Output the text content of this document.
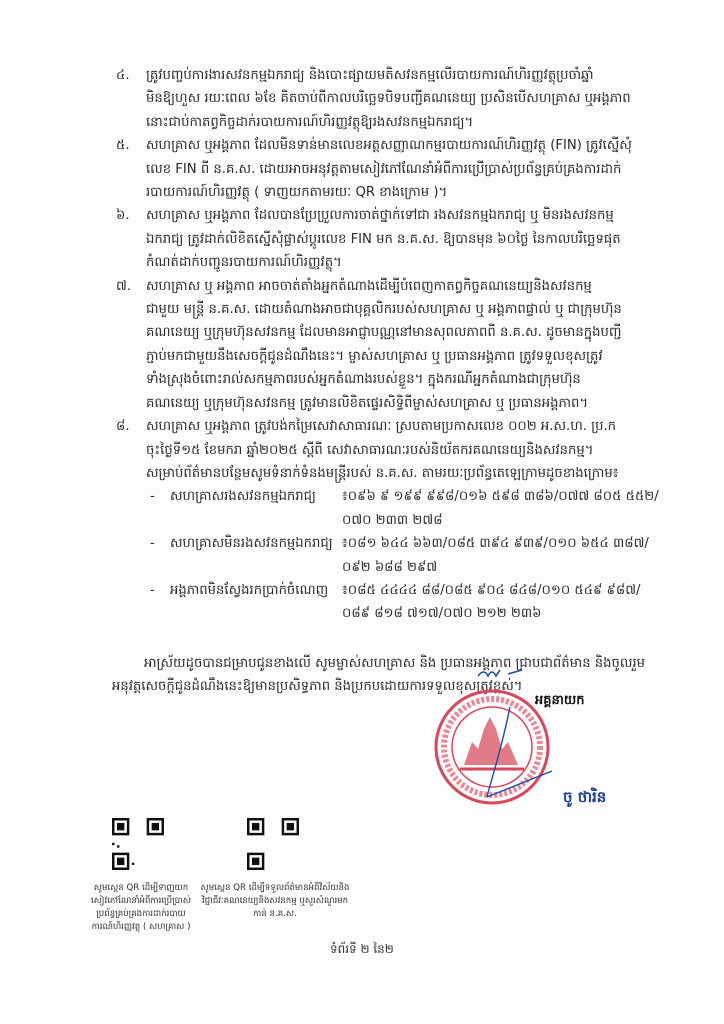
៤. ត្រូវបញ្ចប់ការងារសវនកម្មឯករាជ្យ និងបោះផ្សាយមតិសវនកម្មលើរបាយការណ៍ហិរញ្ញវត្ថុប្រចាំឆ្នាំ
មិនឱ្យហួស រយៈពេល ៦ខែ គិតចាប់ពីកាលបរិច្ឆេទបិទបញ្ជីគណនេយ្យ ប្រសិនបើសហគ្រាស ឬអង្គភាព
នោះជាប់កាតព្វកិច្ចដាក់របាយការណ៍ហិរញ្ញវត្ថុឱ្យរងសវនកម្មឯករាជ្យ។
៥. សហគ្រាស ឬអង្គភាព ដែលមិនទាន់មានលេខអត្តសញ្ញាណកម្មរបាយការណ៍ហិរញ្ញវត្ថុ (FIN) ត្រូវស្នើសុំ
លេខ FIN ពី ន.គ.ស. ដោយអាចអនុវត្តតាមសៀវភៅណែនាំអំពីការប្រើប្រាស់ប្រព័ន្ធគ្រប់គ្រងការដាក់
របាយការណ៍ហិរញ្ញវត្ថុ ( ទាញយកតាមរយៈ QR ខាងក្រោម )។
៦. សហគ្រាស ឬអង្គភាព ដែលបានប្រែប្រួលការចាត់ថ្នាក់ទៅជា រងសវនកម្មឯករាជ្យ ឬ មិនរងសវនកម្ម
ឯករាជ្យ ត្រូវដាក់លិខិតស្នើសុំផ្លាស់ប្តូរលេខ FIN មក ន.គ.ស. ឱ្យបានមុន ៦០ថ្ងៃ នៃកាលបរិច្ឆេទផុត
កំណត់ដាក់បញ្ជូនរបាយការណ៍ហិរញ្ញវត្ថុ។
៧. សហគ្រាស ឬ អង្គភាព អាចចាត់តាំងអ្នកតំណាងដើម្បីបំពេញកាតព្វកិច្ចគណនេយ្យនិងសវនកម្ម
ជាមួយ មន្ត្រី ន.គ.ស. ដោយតំណាងអាចជាបុគ្គលិករបស់សហគ្រាស ឬ អង្គភាពផ្ទាល់ ឬ ជាក្រុមហ៊ុន
គណនេយ្យ ឬក្រុមហ៊ុនសវនកម្ម ដែលមានអាជ្ញាបណ្ណនៅមានសុពលភាពពី ន.គ.ស. ដូចមានក្នុងបញ្ជី
ភ្ជាប់មកជាមួយនឹងសេចក្តីជូនដំណឹងនេះ។ ម្ចាស់សហគ្រាស ឬ ប្រធានអង្គភាព ត្រូវទទួលខុសត្រូវ
ទាំងស្រុងចំពោះរាល់សកម្មភាពរបស់អ្នកតំណាងរបស់ខ្លួន។ ក្នុងករណីអ្នកតំណាងជាក្រុមហ៊ុន
គណនេយ្យ ឬក្រុមហ៊ុនសវនកម្ម ត្រូវមានលិខិតផ្ទេរសិទ្ធិពីម្ចាស់សហគ្រាស ឬ ប្រធានអង្គភាព។
៨. សហគ្រាស ឬអង្គភាព ត្រូវបង់កម្រៃសេវាសាធារណៈ ស្របតាមប្រកាសលេខ ០០២ អ.ស.ហ. ប្រ.ក
ចុះថ្ងៃទី១៥ ខែមករា ឆ្នាំ២០២៥ ស្តីពី សេវាសាធារណៈរបស់និយ័តករគណនេយ្យនិងសវនកម្ម។
សម្រាប់ព័ត៌មានបន្ថែមសូមទំនាក់ទំនងមន្ត្រីរបស់ ន.គ.ស. តាមរយៈប្រព័ន្ធតេឡេក្រាមដូចខាងក្រោម៖
- សហគ្រាសរងសវនកម្មឯករាជ្យ ៖០៩៦ ៩ ១៩៩ ៩៩៨/០១៦ ៥៩៨ ៣៨៦/០៧៧ ៨០៥ ៥៥២/
០៧០ ២៣៣ ២៧៨
- សហគ្រាសមិនរងសវនកម្មឯករាជ្យ ៖០៨១ ៦៤៤ ៦៦៣/០៨៥ ៣៩៤ ៩៣៩/០១០ ៦៥៤ ៣៨៧/
០៩២ ៦៨៨ ២៩៧
- អង្គភាពមិនស្វែងរកប្រាក់ចំណេញ ៖០៨៥ ៤៤៤៤ ៨៨/០៨៥ ៩០៤ ៨៤៨/០១០ ៥៤៩ ៩៨៧/
០៨៩ ៨១៨ ៧១៧/០៧០ ២១២ ២៣៦
អាស្រ័យដូចបានជម្រាបជូនខាងលើ សូមម្ចាស់សហគ្រាស និង ប្រធានអង្គភាព ជ្រាបជាព័ត៌មាន និងចូលរួម
អនុវត្តសេចក្តីជូនដំណឹងនេះឱ្យមានប្រសិទ្ធភាព និងប្រកបដោយការទទួលខុសត្រូវខ្ពស់។
អគ្គនាយក
ចូ ថារិន
សូមស្កេន QR ដើម្បីទាញយកសៀវភៅណែនាំអំពីការប្រើប្រាស់ប្រព័ន្ធគ្រប់គ្រងការដាក់របាយការណ៍ហិរញ្ញវត្ថុ ( សហគ្រាស )
សូមស្កេន QR ដើម្បីទទួលព័ត៌មានអំពីវិស័យនិងវិជ្ជាជីវៈគណនេយ្យនិងសវនកម្ម ឬសួរសំណួរមកកាន់ ន.គ.ស.
ទំព័រទី ២ នៃ២
